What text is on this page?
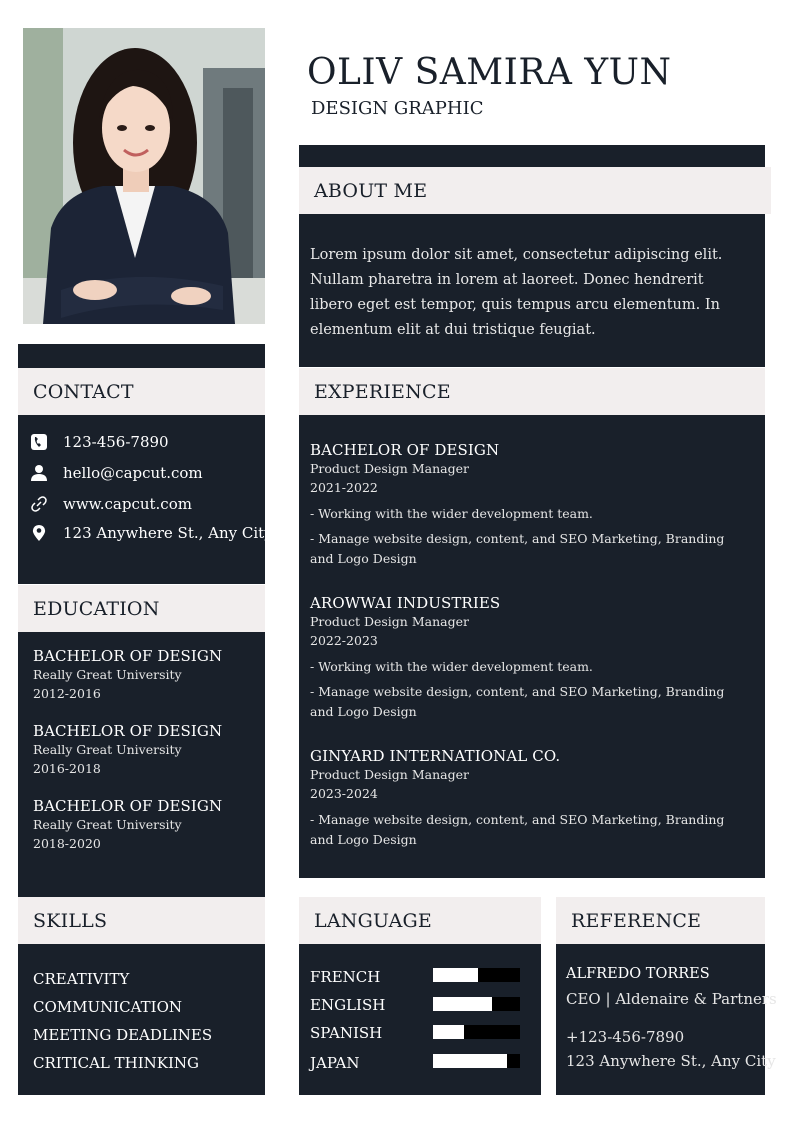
OLIV SAMIRA YUN
DESIGN GRAPHIC
ABOUT ME
Lorem ipsum dolor sit amet, consectetur adipiscing elit. Nullam pharetra in lorem at laoreet. Donec hendrerit libero eget est tempor, quis tempus arcu elementum. In elementum elit at dui tristique feugiat.
CONTACT
123-456-7890
hello@capcut.com
www.capcut.com
123 Anywhere St., Any City
EDUCATION
BACHELOR OF DESIGN
Really Great University
2012-2016
BACHELOR OF DESIGN
Really Great University
2016-2018
BACHELOR OF DESIGN
Really Great University
2018-2020
EXPERIENCE
BACHELOR OF DESIGN
Product Design Manager
2021-2022
- Working with the wider development team.
- Manage website design, content, and SEO Marketing, Branding and Logo Design
AROWWAI INDUSTRIES
Product Design Manager
2022-2023
- Working with the wider development team.
- Manage website design, content, and SEO Marketing, Branding and Logo Design
GINYARD INTERNATIONAL CO.
Product Design Manager
2023-2024
- Manage website design, content, and SEO Marketing, Branding and Logo Design
SKILLS
CREATIVITY
COMMUNICATION
MEETING DEADLINES
CRITICAL THINKING
LANGUAGE
FRENCH
ENGLISH
SPANISH
JAPAN
REFERENCE
ALFREDO TORRES
CEO | Aldenaire & Partners
+123-456-7890
123 Anywhere St., Any City
